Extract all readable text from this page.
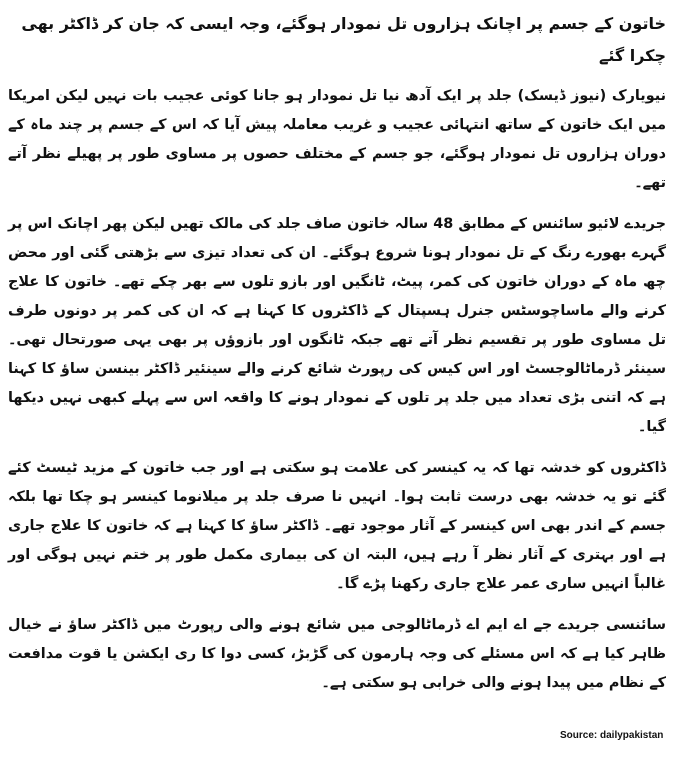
خاتون کے جسم پر اچانک ہزاروں تل نمودار ہوگئے، وجہ ایسی کہ جان کر ڈاکٹر بھی چکرا گئے

نیویارک (نیوز ڈیسک) جلد پر ایک آدھ نیا تل نمودار ہو جانا کوئی عجیب بات نہیں لیکن امریکا میں ایک خاتون کے ساتھ انتہائی عجیب و غریب معاملہ پیش آیا کہ اس کے جسم پر چند ماہ کے دوران ہزاروں تل نمودار ہوگئے، جو جسم کے مختلف حصوں پر مساوی طور پر پھیلے نظر آتے تھے۔

جریدے لائیو سائنس کے مطابق 48 سالہ خاتون صاف جلد کی مالک تھیں لیکن پھر اچانک اس پر گہرے بھورے رنگ کے تل نمودار ہونا شروع ہوگئے۔ ان کی تعداد تیزی سے بڑھتی گئی اور محض چھ ماہ کے دوران خاتون کی کمر، پیٹ، ٹانگیں اور بازو تلوں سے بھر چکے تھے۔ خاتون کا علاج کرنے والے ماساچوسٹس جنرل ہسپتال کے ڈاکٹروں کا کہنا ہے کہ ان کی کمر پر دونوں طرف تل مساوی طور پر تقسیم نظر آتے تھے جبکہ ٹانگوں اور بازوؤں پر بھی یہی صورتحال تھی۔ سینئر ڈرماٹالوجسٹ اور اس کیس کی رپورٹ شائع کرنے والے سینئیر ڈاکٹر بینسن ساؤ کا کہنا ہے کہ اتنی بڑی تعداد میں جلد پر تلوں کے نمودار ہونے کا واقعہ اس سے پہلے کبھی نہیں دیکھا گیا۔

ڈاکٹروں کو خدشہ تھا کہ یہ کینسر کی علامت ہو سکتی ہے اور جب خاتون کے مزید ٹیسٹ کئے گئے تو یہ خدشہ بھی درست ثابت ہوا۔ انہیں نا صرف جلد پر میلانوما کینسر ہو چکا تھا بلکہ جسم کے اندر بھی اس کینسر کے آثار موجود تھے۔ ڈاکٹر ساؤ کا کہنا ہے کہ خاتون کا علاج جاری ہے اور بہتری کے آثار نظر آ رہے ہیں، البتہ ان کی بیماری مکمل طور پر ختم نہیں ہوگی اور غالباً انہیں ساری عمر علاج جاری رکھنا پڑے گا۔

سائنسی جریدے جے اے ایم اے ڈرماٹالوجی میں شائع ہونے والی رپورٹ میں ڈاکٹر ساؤ نے خیال ظاہر کیا ہے کہ اس مسئلے کی وجہ ہارمون کی گڑبڑ، کسی دوا کا ری ایکشن یا قوت مدافعت کے نظام میں پیدا ہونے والی خرابی ہو سکتی ہے۔

Source: dailypakistan
